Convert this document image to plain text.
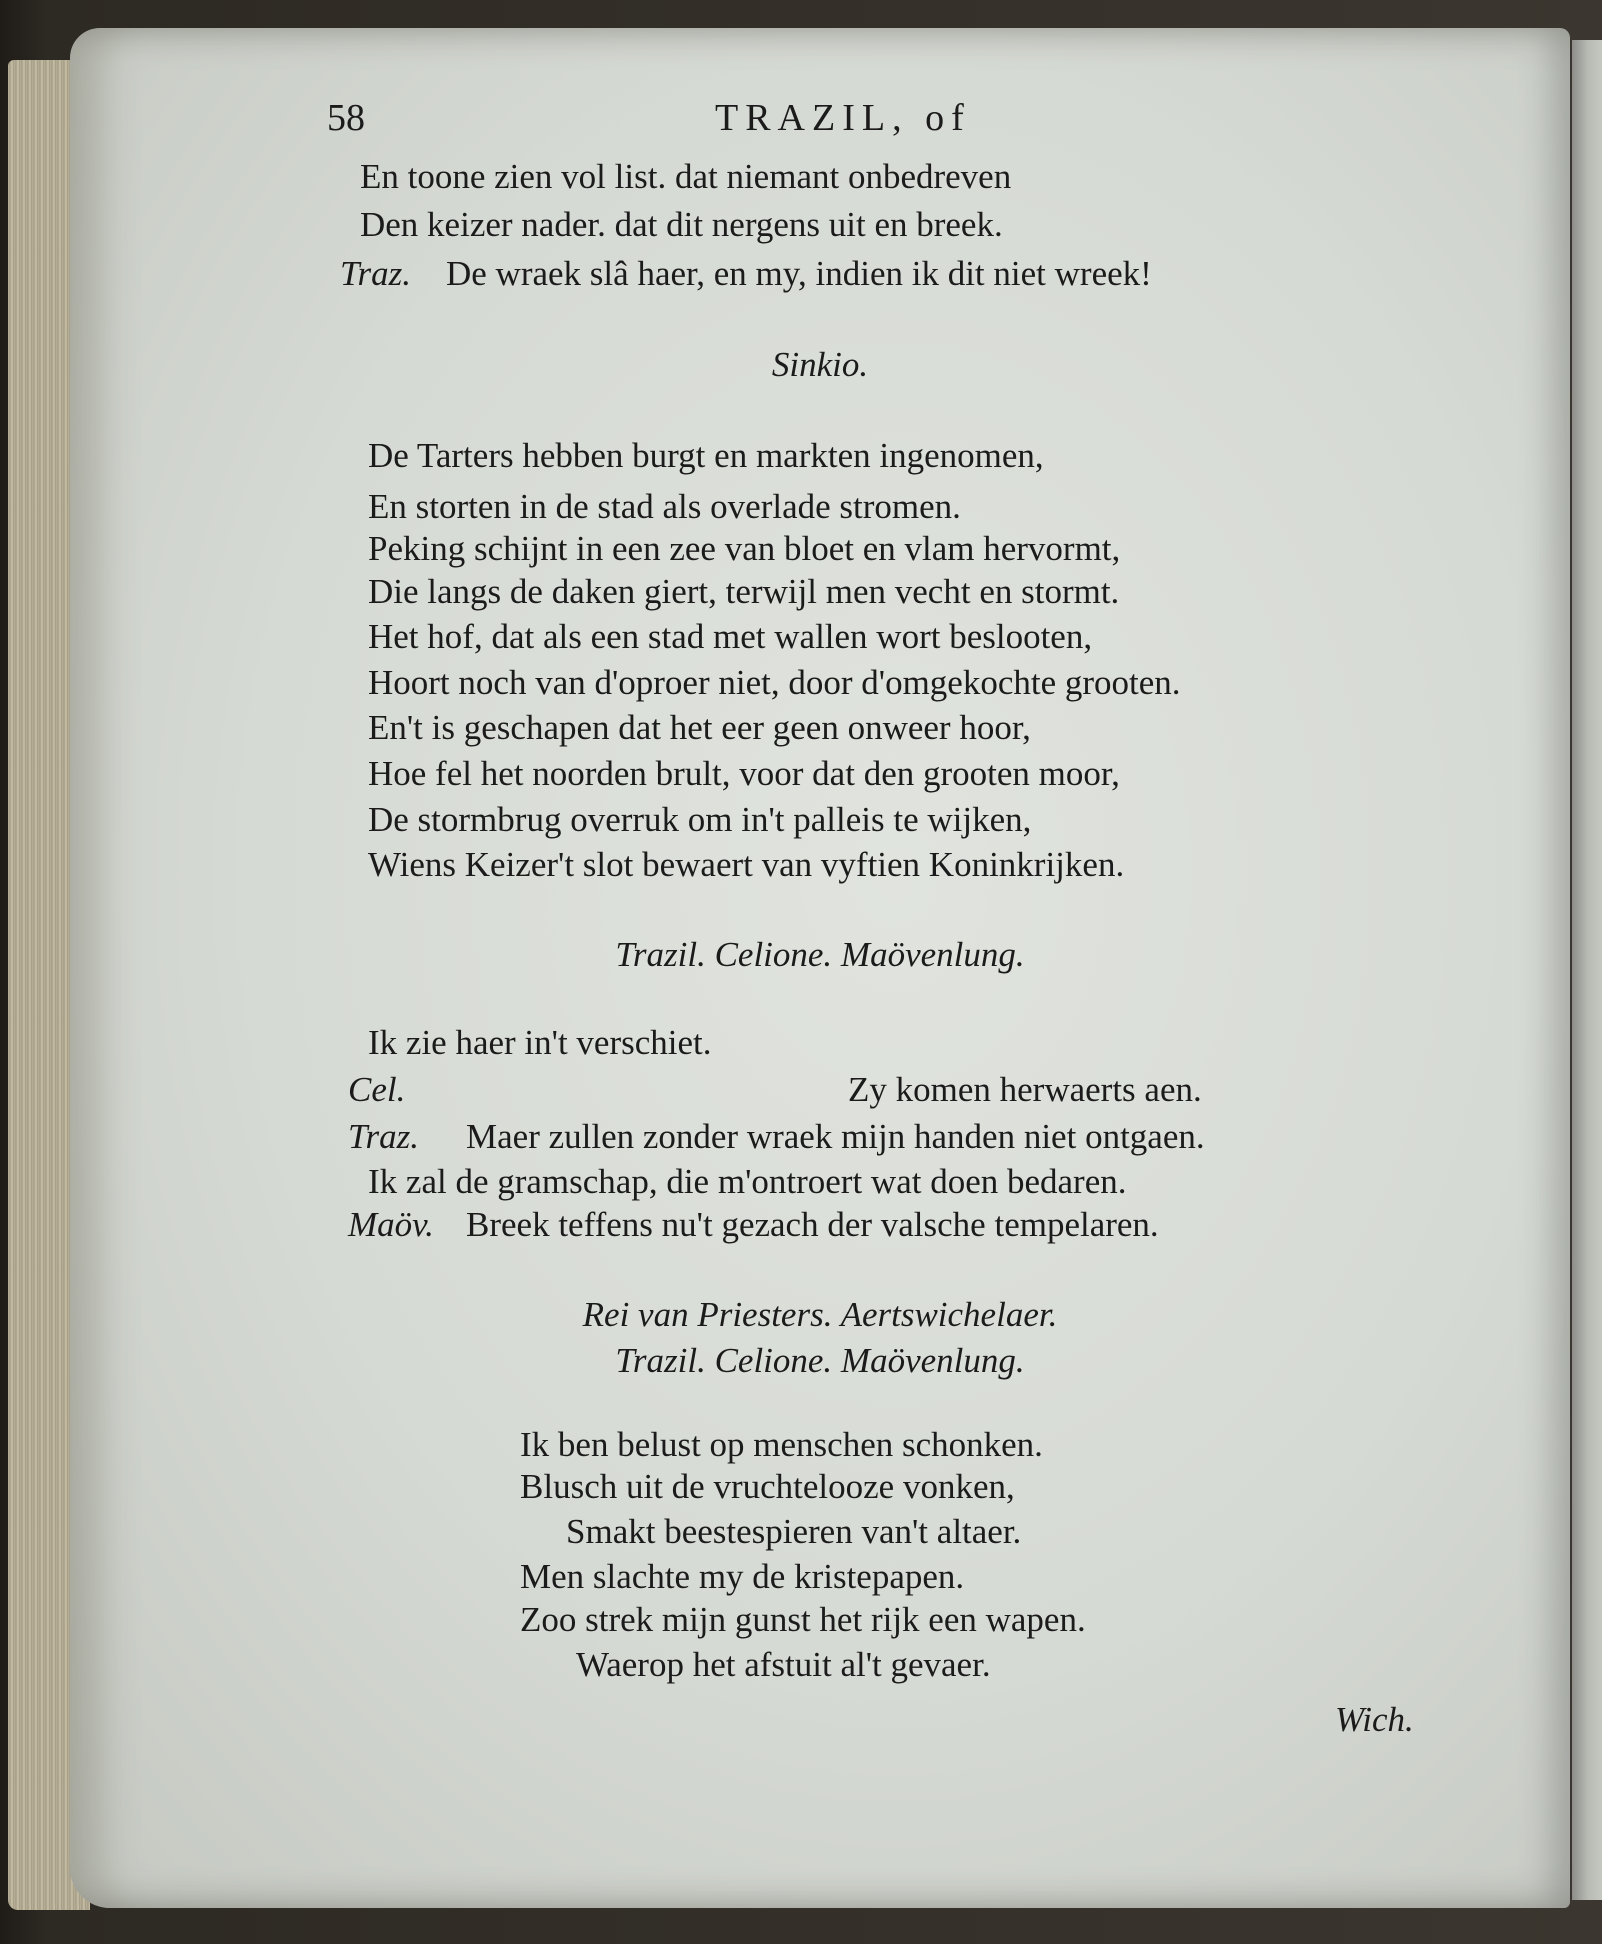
58	TRAZIL, of
En toone zien vol list. dat niemant onbedreven
Den keizer nader. dat dit nergens uit en breek.
Traz. De wraek slâ haer, en my, indien ik dit niet wreek!
Sinkio.
De Tarters hebben burgt en markten ingenomen,
En storten in de stad als overlade stromen.
Peking schijnt in een zee van bloet en vlam hervormt,
Die langs de daken giert, terwijl men vecht en stormt.
Het hof, dat als een stad met wallen wort beslooten,
Hoort noch van d'oproer niet, door d'omgekochte grooten.
En't is geschapen dat het eer geen onweer hoor,
Hoe fel het noorden brult, voor dat den grooten moor,
De stormbrug overruk om in't palleis te wijken,
Wiens Keizer't slot bewaert van vyftien Koninkrijken.
Trazil. Celione. Maövenlung.
Ik zie haer in't verschiet.
Cel.	Zy komen herwaerts aen.
Traz. Maer zullen zonder wraek mijn handen niet ontgaen.
Ik zal de gramschap, die m'ontroert wat doen bedaren.
Maöv. Breek teffens nu't gezach der valsche tempelaren.
Rei van Priesters. Aertswichelaer.
Trazil. Celione. Maövenlung.
Ik ben belust op menschen schonken.
Blusch uit de vruchtelooze vonken,
Smakt beestespieren van't altaer.
Men slachte my de kristepapen.
Zoo strek mijn gunst het rijk een wapen.
Waerop het afstuit al't gevaer.
Wich.
